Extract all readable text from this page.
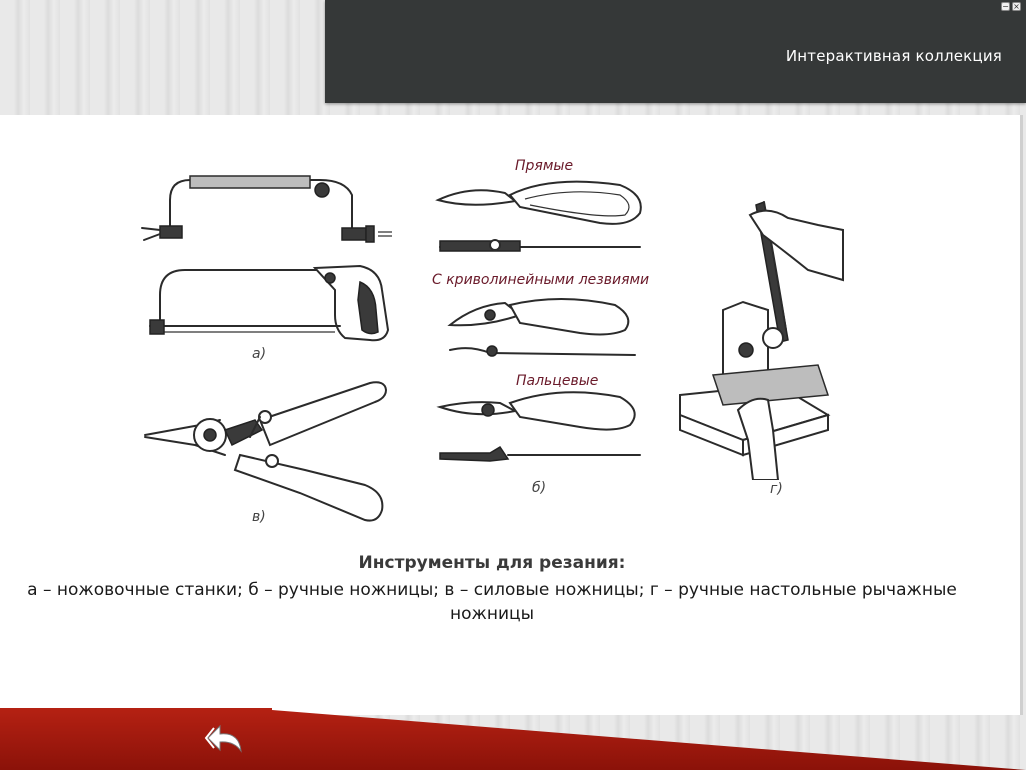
− ×
Интерактивная коллекция
Прямые
С криволинейными лезвиями
Пальцевые
а)
б)
в)
г)
Инструменты для резания:
а – ножовочные станки; б – ручные ножницы; в – силовые ножницы; г – ручные настольные рычажные ножницы
